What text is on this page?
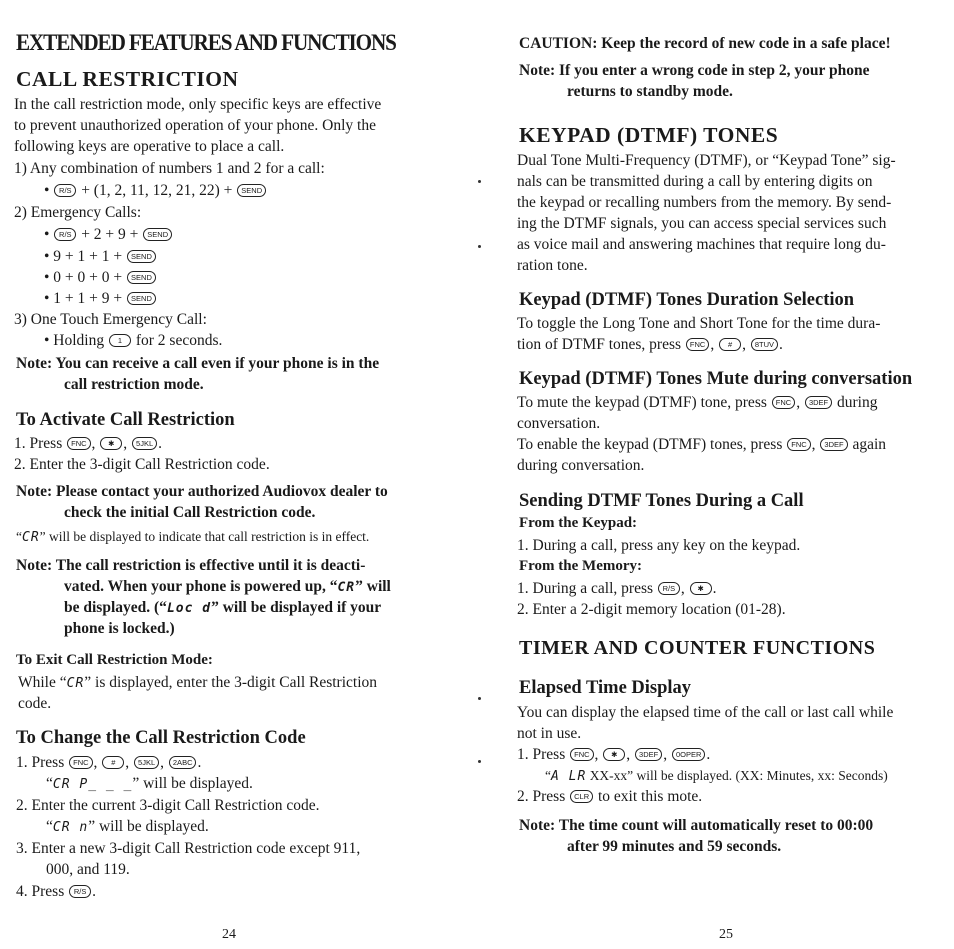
EXTENDED FEATURES AND FUNCTIONS
CALL RESTRICTION
In the call restriction mode, only specific keys are effective
to prevent unauthorized operation of your phone. Only the
following keys are operative to place a call.
1) Any combination of numbers 1 and 2 for a call:
• R/S + (1, 2, 11, 12, 21, 22) + SEND
2) Emergency Calls:
• R/S + 2 + 9 + SEND
• 9 + 1 + 1 + SEND
• 0 + 0 + 0 + SEND
• 1 + 1 + 9 + SEND
3) One Touch Emergency Call:
• Holding 1 for 2 seconds.
Note: You can receive a call even if your phone is in the
call restriction mode.
To Activate Call Restriction
1. Press FNC , ✱ , 5JKL .
2. Enter the 3-digit Call Restriction code.
Note: Please contact your authorized Audiovox dealer to
check the initial Call Restriction code.
“CR” will be displayed to indicate that call restriction is in effect.
Note: The call restriction is effective until it is deacti-
vated. When your phone is powered up, “CR” will
be displayed. (“Loc d” will be displayed if your
phone is locked.)
To Exit Call Restriction Mode:
While “CR” is displayed, enter the 3-digit Call Restriction
code.
To Change the Call Restriction Code
1. Press FNC , # , 5JKL , 2ABC .
“CR P_ _ _” will be displayed.
2. Enter the current 3-digit Call Restriction code.
“CR n” will be displayed.
3. Enter a new 3-digit Call Restriction code except 911,
000, and 119.
4. Press R/S .
24
CAUTION: Keep the record of new code in a safe place!
Note: If you enter a wrong code in step 2, your phone
returns to standby mode.
KEYPAD (DTMF) TONES
Dual Tone Multi-Frequency (DTMF), or “Keypad Tone” sig-
nals can be transmitted during a call by entering digits on
the keypad or recalling numbers from the memory. By send-
ing the DTMF signals, you can access special services such
as voice mail and answering machines that require long du-
ration tone.
Keypad (DTMF) Tones Duration Selection
To toggle the Long Tone and Short Tone for the time dura-
tion of DTMF tones, press FNC , # , 8TUV .
Keypad (DTMF) Tones Mute during conversation
To mute the keypad (DTMF) tone, press FNC , 3DEF during
conversation.
To enable the keypad (DTMF) tones, press FNC , 3DEF again
during conversation.
Sending DTMF Tones During a Call
From the Keypad:
1. During a call, press any key on the keypad.
From the Memory:
1. During a call, press R/S , ✱ .
2. Enter a 2-digit memory location (01-28).
TIMER AND COUNTER FUNCTIONS
Elapsed Time Display
You can display the elapsed time of the call or last call while
not in use.
1. Press FNC , ✱ , 3DEF , 0OPER .
“A LR XX-xx” will be displayed. (XX: Minutes, xx: Seconds)
2. Press CLR to exit this mote.
Note: The time count will automatically reset to 00:00
after 99 minutes and 59 seconds.
25
